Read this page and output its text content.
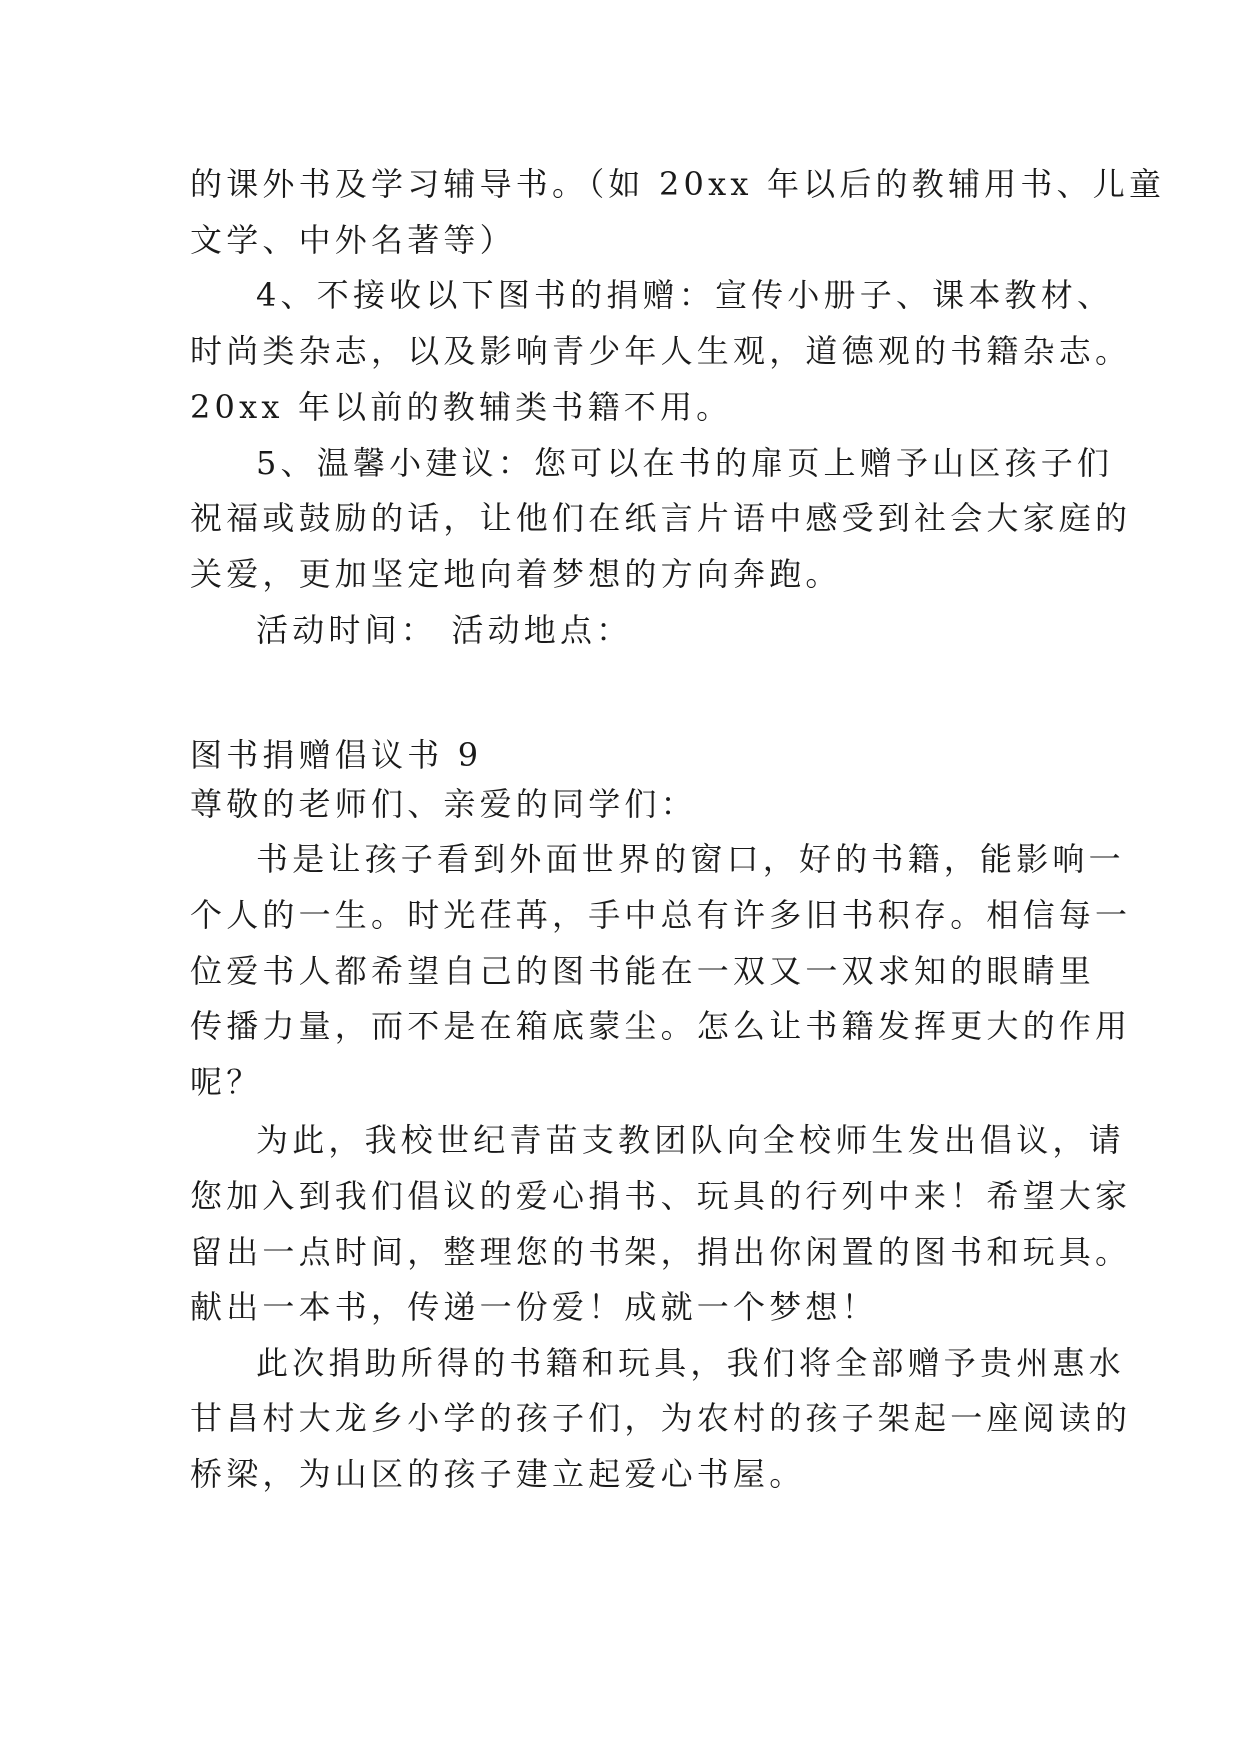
的课外书及学习辅导书。（如 20xx 年以后的教辅用书、儿童
文学、中外名著等）
4、不接收以下图书的捐赠：宣传小册子、课本教材、
时尚类杂志，以及影响青少年人生观，道德观的书籍杂志。
20xx 年以前的教辅类书籍不用。
5、温馨小建议：您可以在书的扉页上赠予山区孩子们
祝福或鼓励的话，让他们在纸言片语中感受到社会大家庭的
关爱，更加坚定地向着梦想的方向奔跑。
活动时间： 活动地点：
图书捐赠倡议书 9
尊敬的老师们、亲爱的同学们：
书是让孩子看到外面世界的窗口，好的书籍，能影响一
个人的一生。时光荏苒，手中总有许多旧书积存。相信每一
位爱书人都希望自己的图书能在一双又一双求知的眼睛里
传播力量，而不是在箱底蒙尘。怎么让书籍发挥更大的作用
呢？
为此，我校世纪青苗支教团队向全校师生发出倡议，请
您加入到我们倡议的爱心捐书、玩具的行列中来！希望大家
留出一点时间，整理您的书架，捐出你闲置的图书和玩具。
献出一本书，传递一份爱！成就一个梦想！
此次捐助所得的书籍和玩具，我们将全部赠予贵州惠水
甘昌村大龙乡小学的孩子们，为农村的孩子架起一座阅读的
桥梁，为山区的孩子建立起爱心书屋。
